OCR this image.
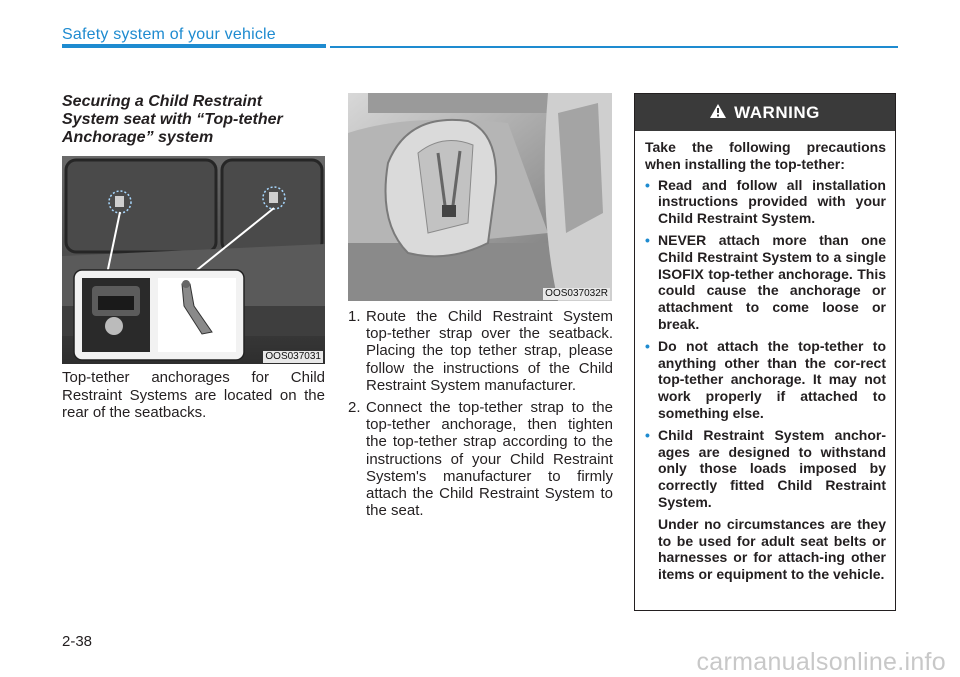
Safety system of your vehicle
Securing a Child Restraint System seat with “Top-tether Anchorage” system
OOS037031
Top-tether anchorages for Child Restraint Systems are located on the rear of the seatbacks.
OOS037032R
1. Route the Child Restraint System top-tether strap over the seatback. Placing the top tether strap, please follow the instructions of the Child Restraint System manufacturer.
2. Connect the top-tether strap to the top-tether anchorage, then tighten the top-tether strap according to the instructions of your Child Restraint System's manufacturer to firmly attach the Child Restraint System to the seat.
WARNING
Take the following precautions when installing the top-tether:
• Read and follow all installation instructions provided with your Child Restraint System.
• NEVER attach more than one Child Restraint System to a single ISOFIX top-tether anchorage. This could cause the anchorage or attachment to come loose or break.
• Do not attach the top-tether to anything other than the cor-rect top-tether anchorage. It may not work properly if attached to something else.
• Child Restraint System anchor-ages are designed to withstand only those loads imposed by correctly fitted Child Restraint System.
Under no circumstances are they to be used for adult seat belts or harnesses or for attach-ing other items or equipment to the vehicle.
2-38
carmanualsonline.info
